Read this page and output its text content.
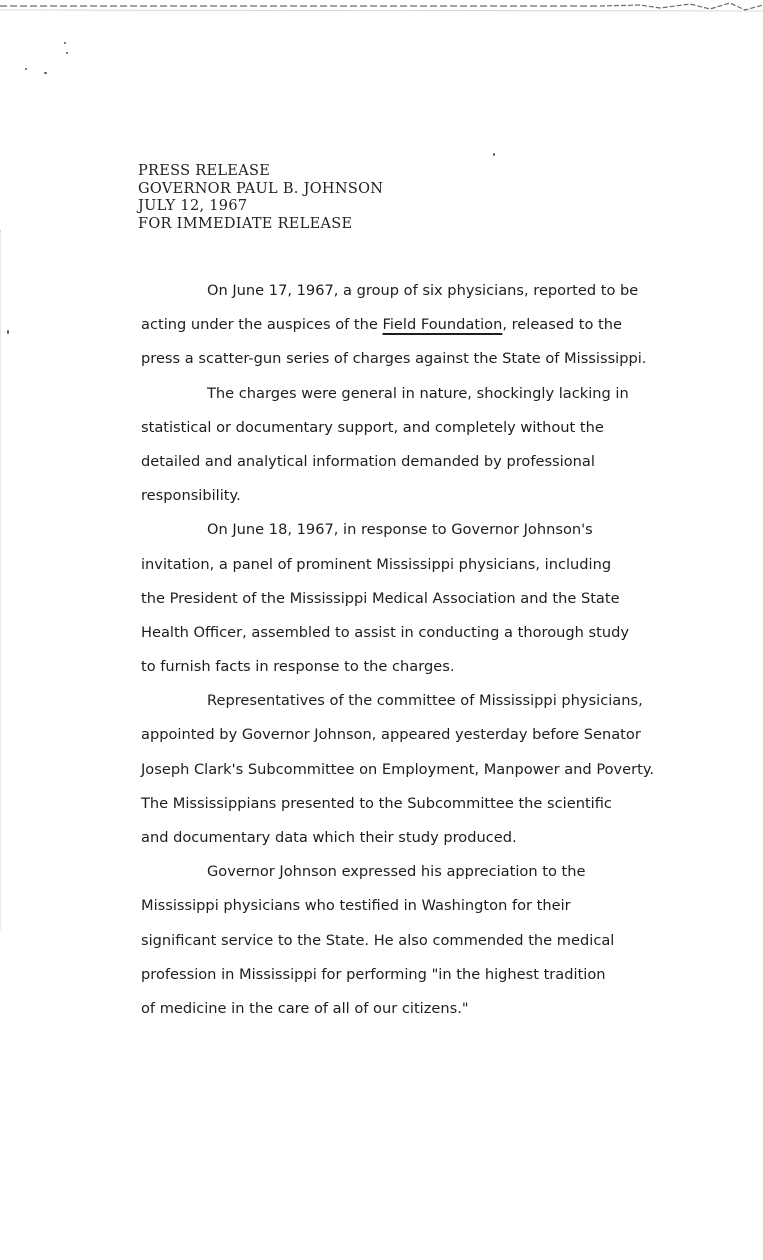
PRESS RELEASE
GOVERNOR PAUL B. JOHNSON
JULY 12, 1967
FOR IMMEDIATE RELEASE
On June 17, 1967, a group of six physicians, reported to be
acting under the auspices of the Field Foundation, released to the
press a scatter-gun series of charges against the State of Mississippi.
The charges were general in nature, shockingly lacking in
statistical or documentary support, and completely without the
detailed and analytical information demanded by professional
responsibility.
On June 18, 1967, in response to Governor Johnson's
invitation, a panel of prominent Mississippi physicians, including
the President of the Mississippi Medical Association and the State
Health Officer, assembled to assist in conducting a thorough study
to furnish facts in response to the charges.
Representatives of the committee of Mississippi physicians,
appointed by Governor Johnson, appeared yesterday before Senator
Joseph Clark's Subcommittee on Employment, Manpower and Poverty.
The Mississippians presented to the Subcommittee the scientific
and documentary data which their study produced.
Governor Johnson expressed his appreciation to the
Mississippi physicians who testified in Washington for their
significant service to the State. He also commended the medical
profession in Mississippi for performing "in the highest tradition
of medicine in the care of all of our citizens."
